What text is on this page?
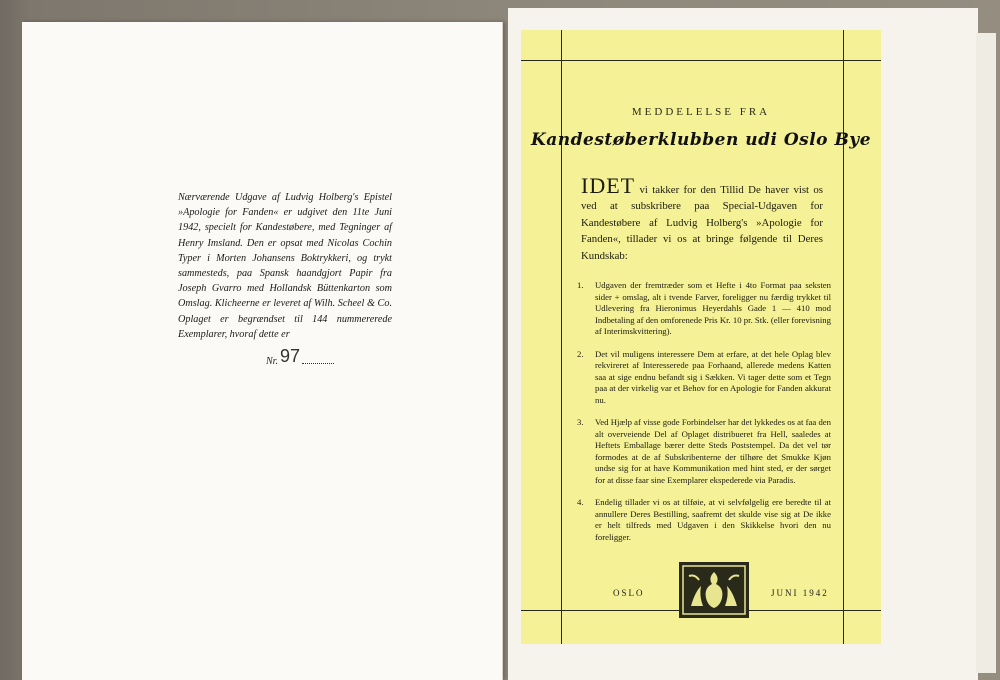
Nærværende Udgave af Ludvig Holberg's Epistel »Apologie for Fanden« er udgivet den 11te Juni 1942, specielt for Kandestøbere, med Tegninger af Henry Imsland. Den er opsat med Nicolas Cochin Typer i Morten Johansens Boktrykkeri, og trykt sammesteds, paa Spansk haandgjort Papir fra Joseph Gvarro med Hollandsk Büttenkarton som Omslag. Klicheerne er leveret af Wilh. Scheel & Co. Oplaget er begrændset til 144 nummererede Exemplarer, hvoraf dette er

Nr. 97
MEDDELELSE FRA
Kandestøberklubben udi Oslo Bye
IDET vi takker for den Tillid De haver vist os ved at subskribere paa Special-Udgaven for Kandestøbere af Ludvig Holberg's »Apologie for Fanden«, tillader vi os at bringe følgende til Deres Kundskab:
1.	Udgaven der fremtræder som et Hefte i 4to Format paa seksten sider + omslag, alt i tvende Farver, foreligger nu færdig trykket til Udlevering fra Hieronimus Heyerdahls Gade 1 — 410 mod Indbetaling af den omforenede Pris Kr. 10 pr. Stk. (eller forevisning af Interimskvittering).
2.	Det vil muligens interessere Dem at erfare, at det hele Oplag blev rekvireret af Interesserede paa Forhaand, allerede medens Katten saa at sige endnu befandt sig i Sækken. Vi tager dette som et Tegn paa at der virkelig var et Behov for en Apologie for Fanden akkurat nu.
3.	Ved Hjælp af visse gode Forbindelser har det lykkedes os at faa den alt overveiende Del af Oplaget distribueret fra Hell, saaledes at Heftets Emballage bærer dette Steds Poststempel. Da det vel tør formodes at de af Subskribenterne der tilhøre det Smukke Kjøn undse sig for at have Kommunikation med hint sted, er der sørget for at disse faar sine Exemplarer ekspederede via Paradis.
4.	Endelig tillader vi os at tilføie, at vi selvfølgelig ere beredte til at annullere Deres Bestilling, saafremt det skulde vise sig at De ikke er helt tilfreds med Udgaven i den Skikkelse hvori den nu foreligger.
OSLO	JUNI 1942
